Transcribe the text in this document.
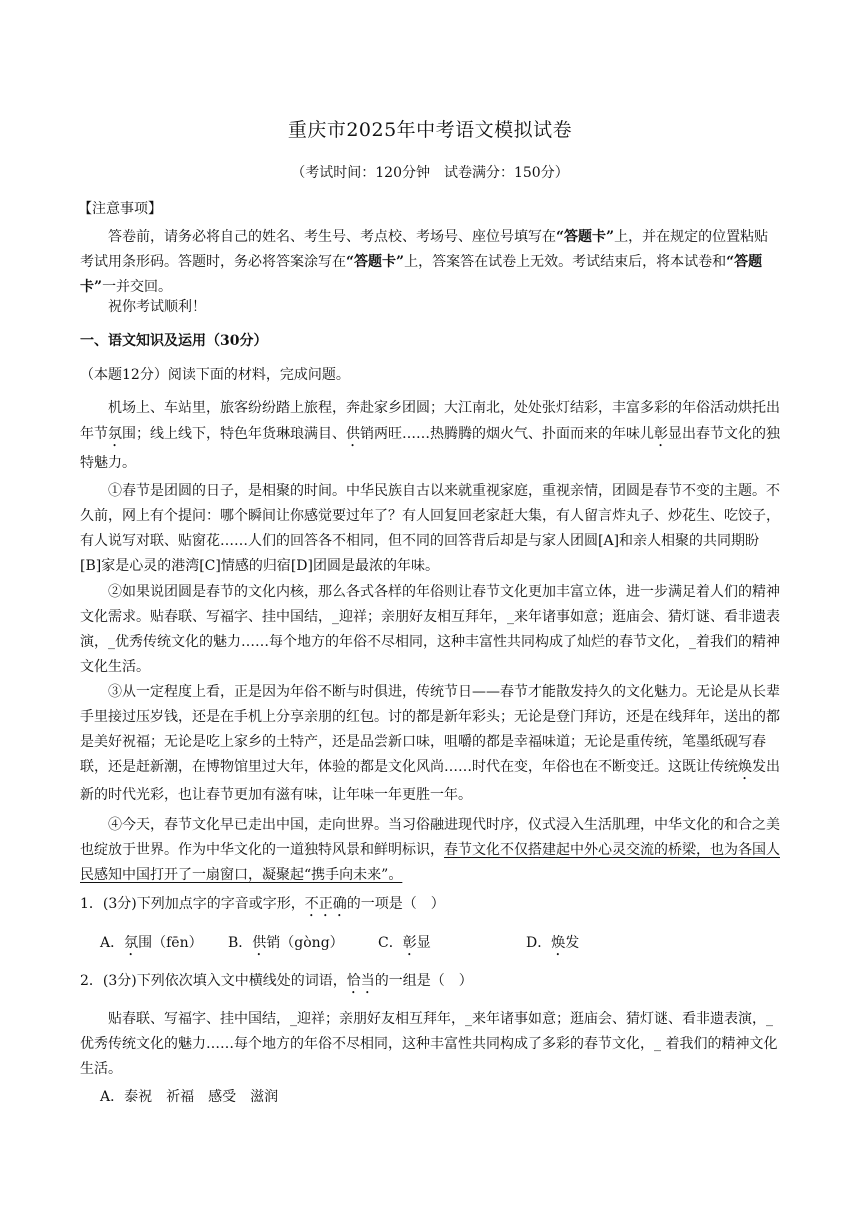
重庆市2025年中考语文模拟试卷
（考试时间：120分钟　试卷满分：150分）
【注意事项】
答卷前，请务必将自己的姓名、考生号、考点校、考场号、座位号填写在“答题卡”上，并在规定的位置粘贴考试用条形码。答题时，务必将答案涂写在“答题卡”上，答案答在试卷上无效。考试结束后，将本试卷和“答题卡”一并交回。
祝你考试顺利！
一、语文知识及运用（30分）
（本题12分）阅读下面的材料，完成问题。
机场上、车站里，旅客纷纷踏上旅程，奔赴家乡团圆；大江南北，处处张灯结彩，丰富多彩的年俗活动烘托出年节氛围；线上线下，特色年货琳琅满目、供销两旺……热腾腾的烟火气、扑面而来的年味儿彰显出春节文化的独特魅力。
①春节是团圆的日子，是相聚的时间。中华民族自古以来就重视家庭，重视亲情，团圆是春节不变的主题。不久前，网上有个提问：哪个瞬间让你感觉要过年了？有人回复回老家赶大集，有人留言炸丸子、炒花生、吃饺子，有人说写对联、贴窗花……人们的回答各不相同，但不同的回答背后却是与家人团圆[A]和亲人相聚的共同期盼[B]家是心灵的港湾[C]情感的归宿[D]团圆是最浓的年味。
②如果说团圆是春节的文化内核，那么各式各样的年俗则让春节文化更加丰富立体，进一步满足着人们的精神文化需求。贴春联、写福字、挂中国结，_迎祥；亲朋好友相互拜年，_来年诸事如意；逛庙会、猜灯谜、看非遗表演，_优秀传统文化的魅力……每个地方的年俗不尽相同，这种丰富性共同构成了灿烂的春节文化，_着我们的精神文化生活。
③从一定程度上看，正是因为年俗不断与时俱进，传统节日——春节才能散发持久的文化魅力。无论是从长辈手里接过压岁钱，还是在手机上分享亲朋的红包。讨的都是新年彩头；无论是登门拜访，还是在线拜年，送出的都是美好祝福；无论是吃上家乡的土特产，还是品尝新口味，咀嚼的都是幸福味道；无论是重传统，笔墨纸砚写春联，还是赶新潮，在博物馆里过大年，体验的都是文化风尚……时代在变，年俗也在不断变迁。这既让传统焕发出新的时代光彩，也让春节更加有滋有味，让年味一年更胜一年。
④今天，春节文化早已走出中国，走向世界。当习俗融进现代时序，仪式浸入生活肌理，中华文化的和合之美也绽放于世界。作为中华文化的一道独特风景和鲜明标识，春节文化不仅搭建起中外心灵交流的桥梁，也为各国人民感知中国打开了一扇窗口，凝聚起“携手向未来”。
1．(3分)下列加点字的字音或字形，不正确的一项是（　）
A．氛围（fēn） B．供销（gòng） C．彰显	D．焕发
2．(3分)下列依次填入文中横线处的词语，恰当的一组是（　）
贴春联、写福字、挂中国结，_迎祥；亲朋好友相互拜年，_来年诸事如意；逛庙会、猜灯谜、看非遗表演，_优秀传统文化的魅力……每个地方的年俗不尽相同，这种丰富性共同构成了多彩的春节文化，_ 着我们的精神文化生活。
A．泰祝　祈福　感受　滋润
